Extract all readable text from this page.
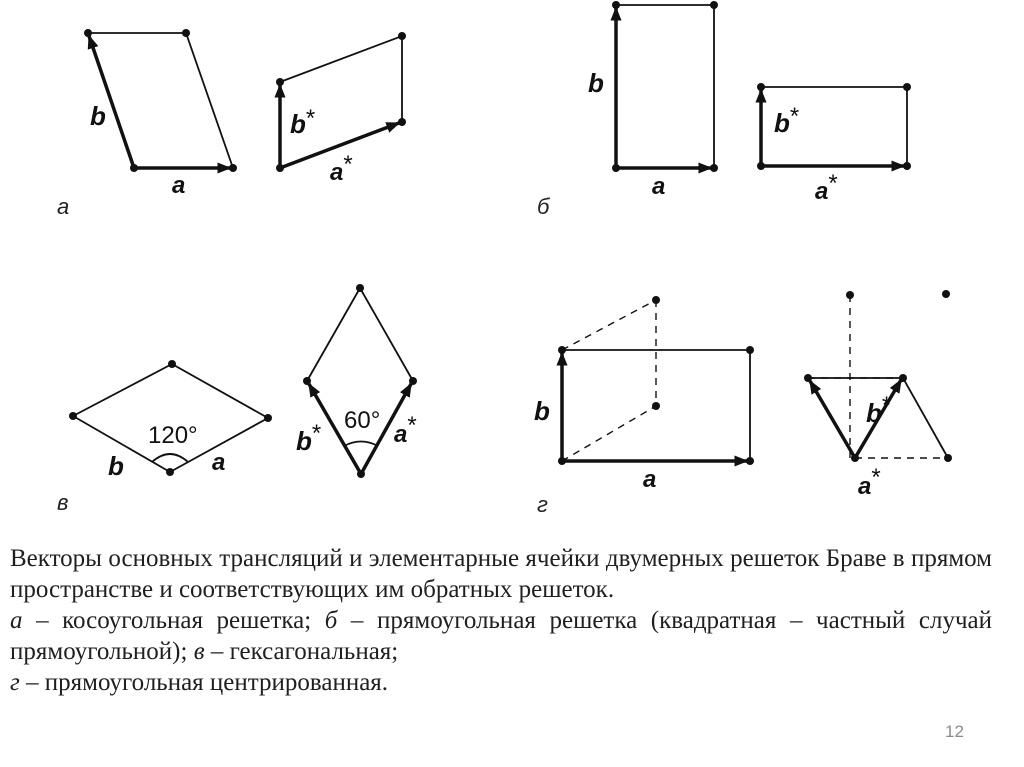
b
a
b*
a*
а
b
a
b*
a*
б
120°
b	a
60°
b*	a*
в
b
a
b*
a*
г

Векторы основных трансляций и элементарные ячейки двумерных решеток Браве в прямом пространстве и соответствующих им обратных решеток.

а – косоугольная решетка; б – прямоугольная решетка (квадратная – частный случай прямоугольной); в – гексагональная;

г – прямоугольная центрированная.

12
